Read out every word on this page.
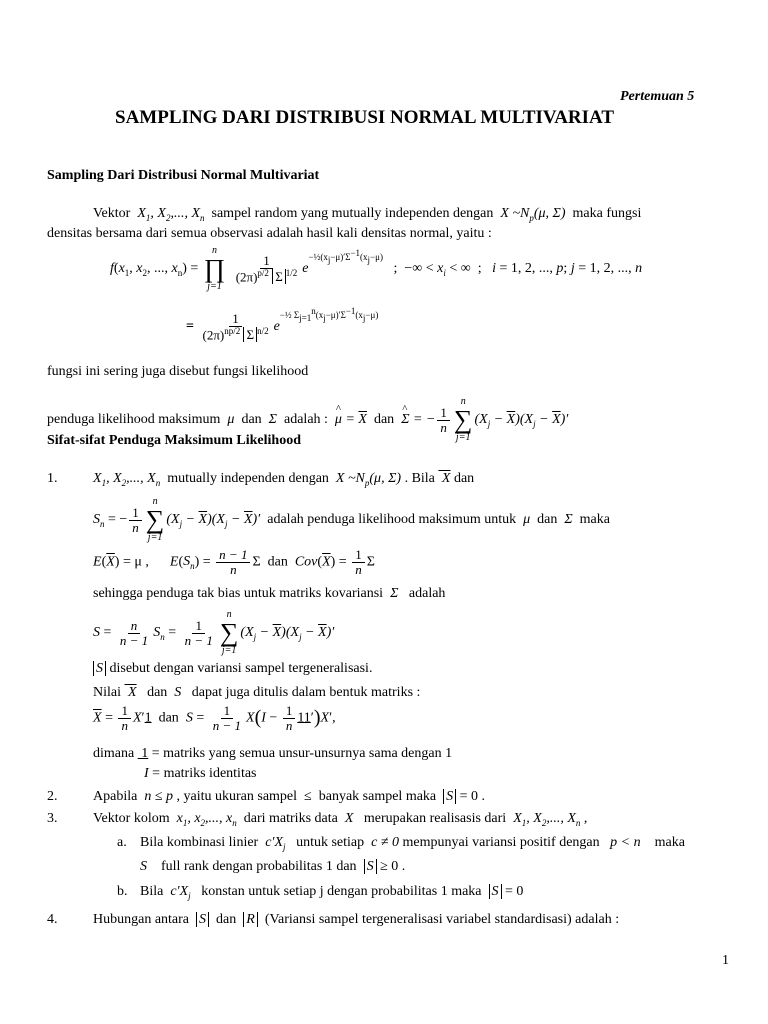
Pertemuan 5
SAMPLING DARI DISTRIBUSI NORMAL MULTIVARIAT
Sampling Dari Distribusi Normal Multivariat
Vektor  $X_1$, $X_2$,..., $X_n$ sampel random yang mutually independen dengan  X $\sim N_p(\mu$, Σ)  maka fungsi
densitas bersama dari semua observasi adalah hasil kali densitas normal, yaitu :
$f(x_1$, $x_2$, ..., $x_n$) =
n
∏
j=1

$\frac{1}{(2\pi)^{p/2} \Sigma ^{1/2}} e^{-\frac{1}{2}(x_j-\mu)'\Sigma^{-1}(x_j-\mu)}$   ;  −∞ < $x_i$ < ∞  ;   i = 1, 2, ..., p; j = 1, 2, ..., n
= $\frac{1}{(2\pi)^{np/2} \Sigma ^{n/2}} e^{-\frac{1}{2} \Sigma_{j=1}^n(x_j-\mu)'\Sigma^{-1}(x_j-\mu)}$
fungsi ini sering juga disebut fungsi likelihood
penduga likelihood maksimum  μ  dan  Σ  adalah : ^ $\mu = \overline{X}$ dan ^ Σ = − $\frac{1}{n}$
n
∑
j=1
$(X_j - \overline{X})(X_j - \overline{X})'$
Sifat-sifat Penduga Maksimum Likelihood
1.	$X_1$, $X_2$,..., $X_n$ mutually independen dengan  X $\sim N_p(\mu$, Σ) . Bila  X dan
$S_n$ = − $\frac{1}{n}$
n
∑
j=1
$(X_j - \overline{X})(X_j - \overline{X})'$ adalah penduga likelihood maksimum untuk  μ  dan  Σ  maka
$E(\overline{X}) = \mu$ ,      $E(S_n) = \frac{n - 1}{n}$ Σ  dan $Cov(\overline{X}) = \frac{1}{n}$ Σ
sehingga penduga tak bias untuk matriks kovariansi  Σ   adalah
$S = \frac{n}{n - 1} S_n = \frac{1}{n - 1}$
n
∑
j=1
$(X_j - \overline{X})(X_j - \overline{X})'$
S disebut dengan variansi sampel tergeneralisasi.
Nilai  X dan  S   dapat juga ditulis dalam bentuk matriks :
$\overline{X} = \frac{1}{n} X'1$ dan  $S = \frac{1}{n - 1} X(I - \frac{1}{n} 11')X'$,
dimana  1 = matriks yang semua unsur-unsurnya sama dengan 1
I = matriks identitas
2.	Apabila  n ≤ p , yaitu ukuran sampel  ≤  banyak sampel maka S = 0 .
3.	Vektor kolom  $x_1$, $x_2$,..., $x_n$ dari matriks data  X   merupakan realisasis dari  $X_1$, $X_2$,..., $X_n$ ,
a. Bila kombinasi linier  $c'X_j$ untuk setiap  c ≠ 0 mempunyai variansi positif dengan   p < n    maka
S    full rank dengan probabilitas 1 dan S ≥ 0 .
b. Bila  $c'X_j$ konstan untuk setiap j dengan probabilitas 1 maka S = 0
4.	Hubungan antara S dan R (Variansi sampel tergeneralisasi variabel standardisasi) adalah :
1
